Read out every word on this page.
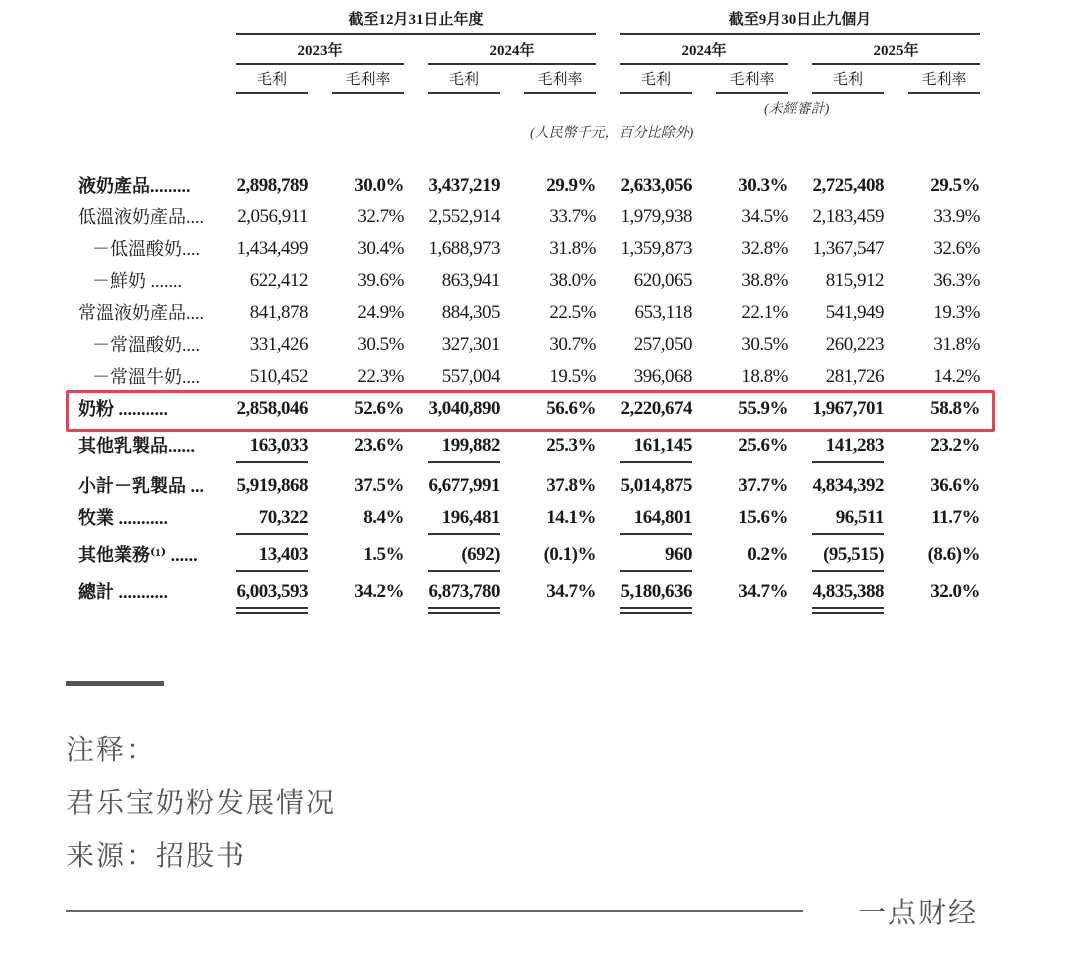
截至12月31日止年度	截至9月30日止九個月
2023年	2024年	2024年	2025年
毛利	毛利率	毛利	毛利率	毛利	毛利率	毛利	毛利率
(未經審計)
(人民幣千元，百分比除外)
液奶產品.........	2,898,789	30.0%	3,437,219	29.9%	2,633,056	30.3%	2,725,408	29.5%
低溫液奶產品....	2,056,911	32.7%	2,552,914	33.7%	1,979,938	34.5%	2,183,459	33.9%
－低溫酸奶....	1,434,499	30.4%	1,688,973	31.8%	1,359,873	32.8%	1,367,547	32.6%
－鮮奶 .......	622,412	39.6%	863,941	38.0%	620,065	38.8%	815,912	36.3%
常溫液奶產品....	841,878	24.9%	884,305	22.5%	653,118	22.1%	541,949	19.3%
－常溫酸奶....	331,426	30.5%	327,301	30.7%	257,050	30.5%	260,223	31.8%
－常溫牛奶....	510,452	22.3%	557,004	19.5%	396,068	18.8%	281,726	14.2%
奶粉 ...........	2,858,046	52.6%	3,040,890	56.6%	2,220,674	55.9%	1,967,701	58.8%
其他乳製品......	163,033	23.6%	199,882	25.3%	161,145	25.6%	141,283	23.2%
小計－乳製品 ...	5,919,868	37.5%	6,677,991	37.8%	5,014,875	37.7%	4,834,392	36.6%
牧業 ...........	70,322	8.4%	196,481	14.1%	164,801	15.6%	96,511	11.7%
其他業務⁽¹⁾ ......	13,403	1.5%	(692)	(0.1)%	960	0.2%	(95,515)	(8.6)%
總計 ...........	6,003,593	34.2%	6,873,780	34.7%	5,180,636	34.7%	4,835,388	32.0%
注释：
君乐宝奶粉发展情况
来源：招股书
一点财经
